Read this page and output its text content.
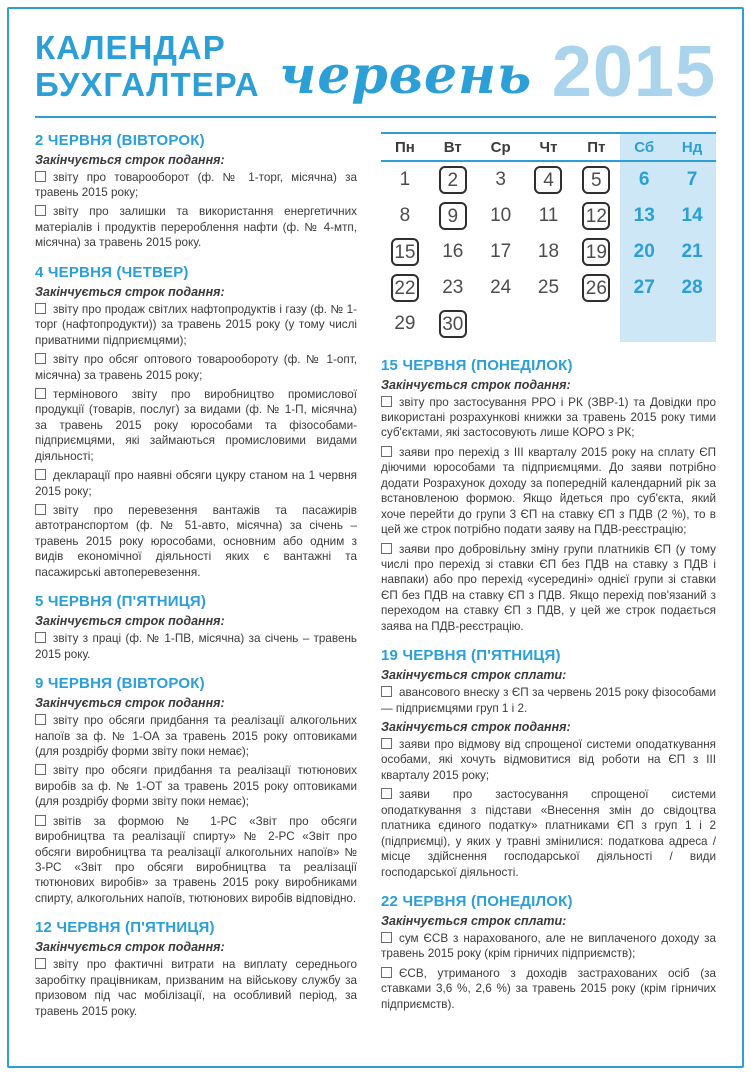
КАЛЕНДАР
БУХГАЛТЕРА червень 2015
2 ЧЕРВНЯ (ВІВТОРОК)

Закінчується строк подання:

звіту про товарооборот (ф. № 1-торг, місячна) за травень 2015 року;

звіту про залишки та використання енергетичних матеріалів і продуктів перероблення нафти (ф. № 4-мтп, місячна) за травень 2015 року.

4 ЧЕРВНЯ (ЧЕТВЕР)

Закінчується строк подання:

звіту про продаж світлих нафтопродуктів і газу (ф. № 1-торг (нафтопродукти)) за травень 2015 року (у тому числі приватними підприємцями);

звіту про обсяг оптового товарообороту (ф. № 1-опт, місячна) за травень 2015 року;

термінового звіту про виробництво промислової продукції (товарів, послуг) за видами (ф. № 1-П, місячна) за травень 2015 року юрособами та фізособами-підприємцями, які займаються промисловими видами діяльності;

декларації про наявні обсяги цукру станом на 1 червня 2015 року;

звіту про перевезення вантажів та пасажирів автотранспортом (ф. № 51-авто, місячна) за січень – травень 2015 року юрособами, основним або одним з видів економічної діяльності яких є вантажні та пасажирські автоперевезення.

5 ЧЕРВНЯ (П'ЯТНИЦЯ)

Закінчується строк подання:

звіту з праці (ф. № 1-ПВ, місячна) за січень – травень 2015 року.

9 ЧЕРВНЯ (ВІВТОРОК)

Закінчується строк подання:

звіту про обсяги придбання та реалізації алкогольних напоїв за ф. № 1-ОА за травень 2015 року оптовиками (для роздрібу форми звіту поки немає);

звіту про обсяги придбання та реалізації тютюнових виробів за ф. № 1-ОТ за травень 2015 року оптовиками (для роздрібу форми звіту поки немає);

звітів за формою № 1-РС «Звіт про обсяги виробництва та реалізації спирту» № 2-РС «Звіт про обсяги виробництва та реалізації алкогольних напоїв» № 3-РС «Звіт про обсяги виробництва та реалізації тютюнових виробів» за травень 2015 року виробниками спирту, алкогольних напоїв, тютюнових виробів відповідно.

12 ЧЕРВНЯ (П'ЯТНИЦЯ)

Закінчується строк подання:

звіту про фактичні витрати на виплату середнього заробітку працівникам, призваним на військову службу за призовом під час мобілізації, на особливий період, за травень 2015 року.

Пн	Вт	Ср	Чт	Пт	Сб	Нд
1	2	3	4	5	6 7
8	9	10 11 12 13 14
15 16 17 18 19 20 21
22 23 24 25 26 27 28
29 30
15 ЧЕРВНЯ (ПОНЕДІЛОК)

Закінчується строк подання:

звіту про застосування РРО і РК (ЗВР-1) та Довідки про використані розрахункові книжки за травень 2015 року тими суб'єктами, які застосовують лише КОРО з РК;

заяви про перехід з III кварталу 2015 року на сплату ЄП діючими юрособами та підприємцями. До заяви потрібно додати Розрахунок доходу за попередній календарний рік за встановленою формою. Якщо йдеться про суб'єкта, який хоче перейти до групи 3 ЄП на ставку ЄП з ПДВ (2 %), то в цей же строк потрібно подати заяву на ПДВ-реєстрацію;

заяви про добровільну зміну групи платників ЄП (у тому числі про перехід зі ставки ЄП без ПДВ на ставку з ПДВ і навпаки) або про перехід «усередині» однієї групи зі ставки ЄП без ПДВ на ставку ЄП з ПДВ. Якщо перехід пов'язаний з переходом на ставку ЄП з ПДВ, у цей же строк подається заява на ПДВ-реєстрацію.

19 ЧЕРВНЯ (П'ЯТНИЦЯ)

Закінчується строк сплати:

авансового внеску з ЄП за червень 2015 року фізособами — підприємцями груп 1 і 2.

Закінчується строк подання:

заяви про відмову від спрощеної системи оподаткування особами, які хочуть відмовитися від роботи на ЄП з III кварталу 2015 року;

заяви про застосування спрощеної системи оподаткування з підстави «Внесення змін до свідоцтва платника єдиного податку» платниками ЄП з груп 1 і 2 (підприємці), у яких у травні змінилися: податкова адреса / місце здійснення господарської діяльності / види господарської діяльності.

22 ЧЕРВНЯ (ПОНЕДІЛОК)

Закінчується строк сплати:

сум ЄСВ з нарахованого, але не виплаченого доходу за травень 2015 року (крім гірничих підприємств);

ЄСВ, утриманого з доходів застрахованих осіб (за ставками 3,6 %, 2,6 %) за травень 2015 року (крім гірничих підприємств).
